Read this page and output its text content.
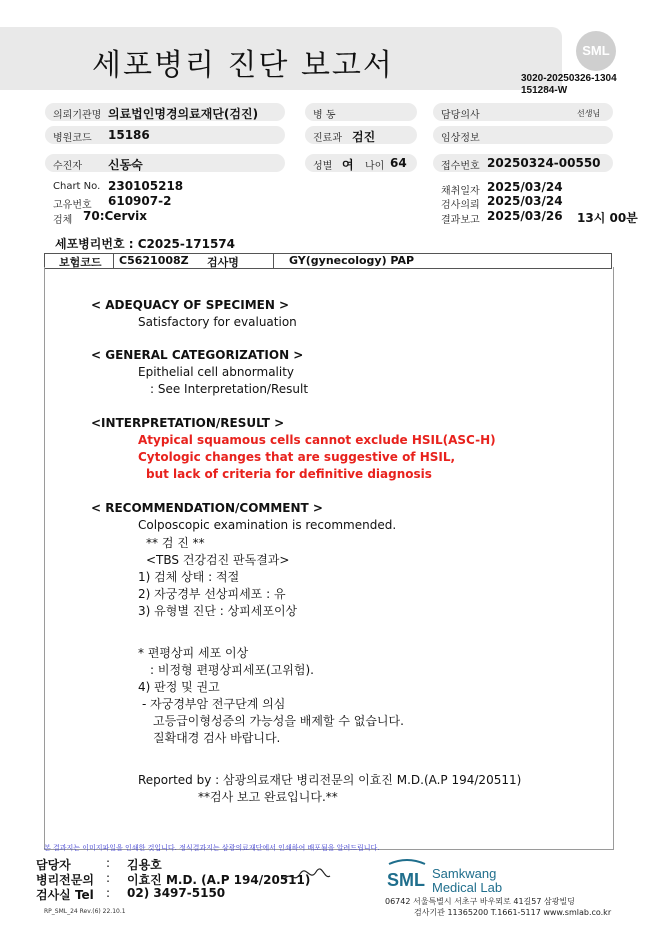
세포병리 진단 보고서	SML
3020-20250326-1304
151284-W
의뢰기관명 의료법인명경의료재단(검진)	병 동	담당의사	선생님
병원코드 15186	진료과 검진	임상정보
수진자 신동숙	성별 여 나이 64	접수번호 20250324-00550
Chart No. 230105218
고유번호 610907-2
검체 70:Cervix
채취일자 2025/03/24
검사의뢰 2025/03/24
결과보고 2025/03/26 13시 00분
세포병리번호 : C2025-171574
보험코드 C5621008Z 검사명	GY(gynecology) PAP
< ADEQUACY OF SPECIMEN >
Satisfactory for evaluation
< GENERAL CATEGORIZATION >
Epithelial cell abnormality
: See Interpretation/Result
<INTERPRETATION/RESULT >
Atypical squamous cells cannot exclude HSIL(ASC-H)
Cytologic changes that are suggestive of HSIL,
but lack of criteria for definitive diagnosis
< RECOMMENDATION/COMMENT >
Colposcopic examination is recommended.
** 검 진 **
<TBS 건강검진 판독결과>
1) 검체 상태 : 적절
2) 자궁경부 선상피세포 : 유
3) 유형별 진단 : 상피세포이상
* 편평상피 세포 이상
: 비정형 편평상피세포(고위험).
4) 판정 및 권고
- 자궁경부암 전구단계 의심
고등급이형성증의 가능성을 배제할 수 없습니다.
질확대경 검사 바랍니다.
Reported by : 삼광의료재단 병리전문의 이효진 M.D.(A.P 194/20511)
**검사 보고 완료입니다.**
본 결과지는 이미지파일을 인쇄한 것입니다. 정식결과지는 삼광의료재단에서 인쇄하여 배포됨을 알려드립니다.
담당자	: 김용호
병리전문의 : 이효진 M.D. (A.P 194/20511)
검사실 Tel : 02) 3497-5150
RP_SML_24 Rev.(6) 22.10.1
SML Samkwang
Medical Lab
06742 서울특별시 서초구 바우뫼로 41길57 삼광빌딩
검사기관 11365200 T.1661-5117 www.smlab.co.kr
